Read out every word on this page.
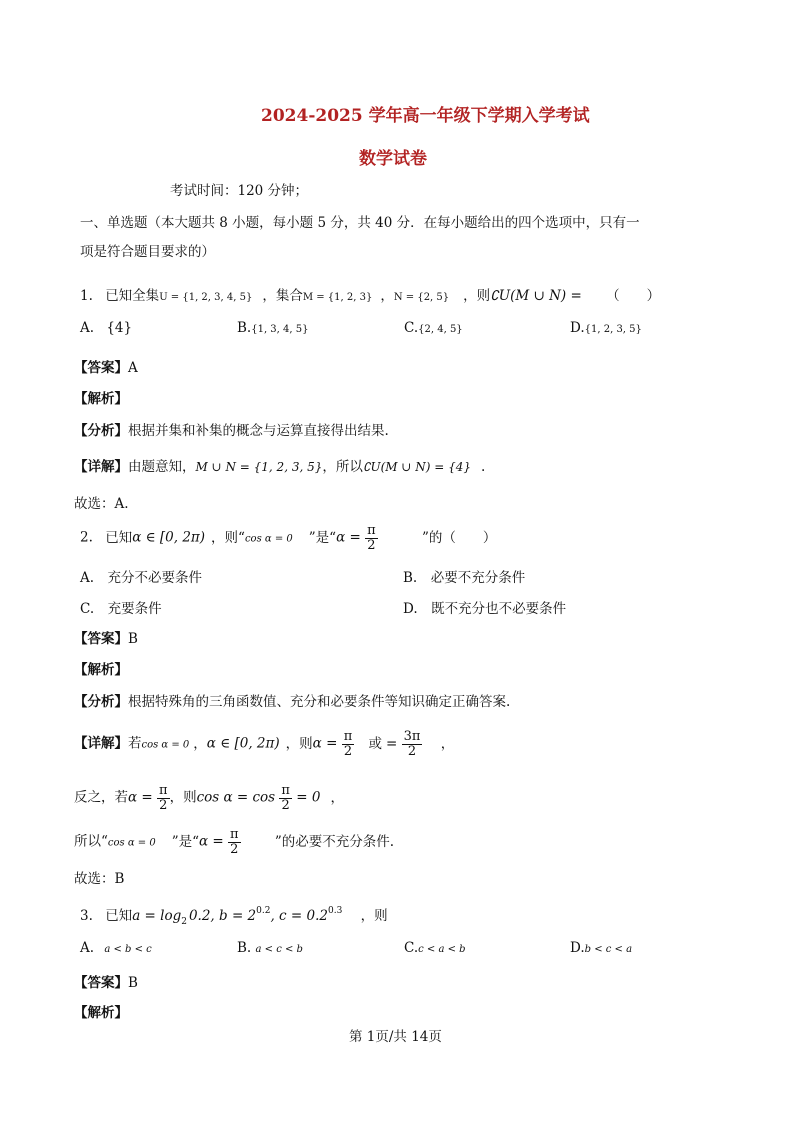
2024-2025 学年高一年级下学期入学考试
数学试卷
考试时间：120 分钟；
一、单选题（本大题共 8 小题，每小题 5 分，共 40 分．在每小题给出的四个选项中，只有一
项是符合题目要求的）
1. 已知全集U = {1, 2, 3, 4, 5} ，集合M = {1, 2, 3} ，N = {2, 5} ，则∁U(M ∪ N) = （　　）
A. {4}	B.{1, 3, 4, 5}	C.{2, 4, 5}	D.{1, 2, 3, 5}
【答案】A
【解析】
【分析】根据并集和补集的概念与运算直接得出结果.
【详解】由题意知，M ∪ N = {1, 2, 3, 5}，所以∁U(M ∪ N) = {4} .
故选：A.
2. 已知α ∈ [0, 2π) ，则“cos α = 0 ”是“$\alpha = \frac{\pi}{2}$	”的（　　）
A.　充分不必要条件	B.　必要不充分条件
C.　充要条件	D.　既不充分也不必要条件
【答案】B
【解析】
【分析】根据特殊角的三角函数值、充分和必要条件等知识确定正确答案.
【详解】若cos α = 0 ，α ∈ [0, 2π) ，则$\alpha = \frac{\pi}{2}$ 或 = $\frac{3\pi}{2}$ ，
反之，若$\alpha = \frac{\pi}{2}$ ，则$\cos \alpha = \cos \frac{\pi}{2} = 0$ ，
所以“cos α = 0 ”是“$\alpha = \frac{\pi}{2}$	”的必要不充分条件.
故选：B
3. 已知$a = \log_2 0.2$, $b = 2^{0.2}$, $c = 0.2^{0.3}$ ，则
A. a < b < c	B. a < c < b	C.c < a < b	D.b < c < a
【答案】B
【解析】
第 1页/共 14页
